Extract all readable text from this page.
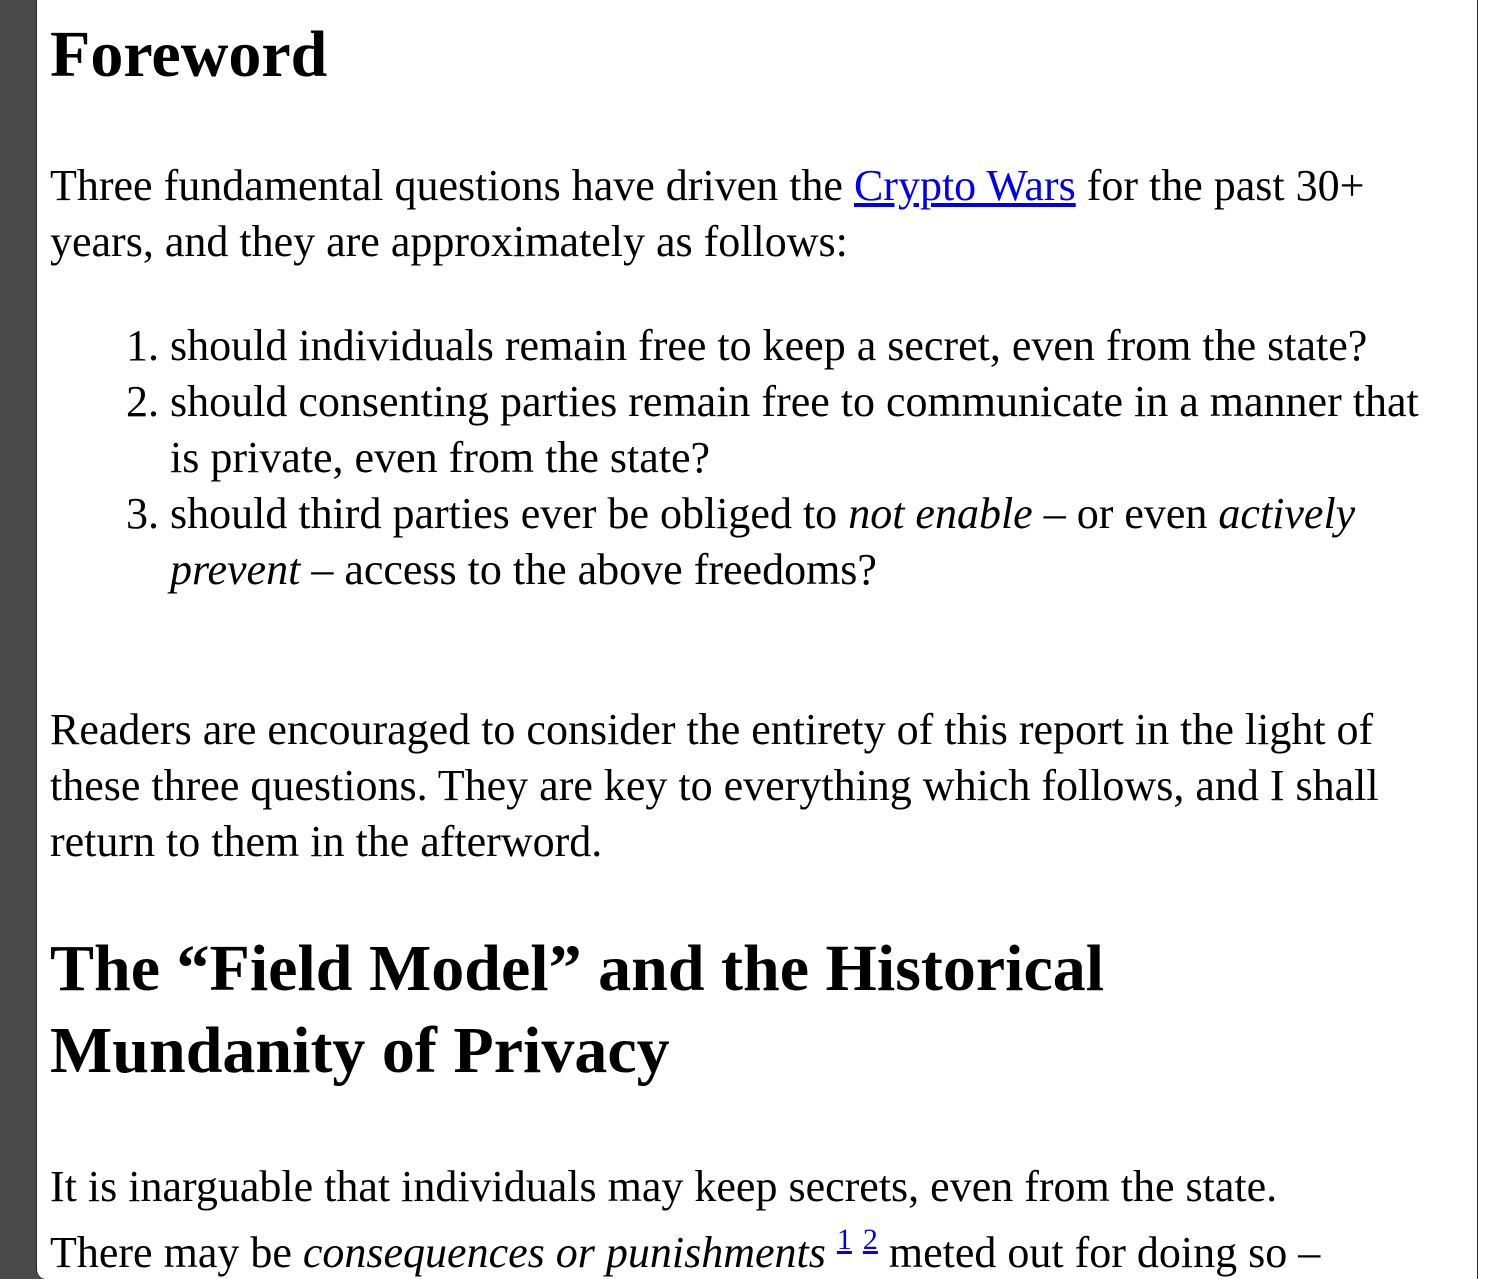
Foreword

Three fundamental questions have driven the Crypto Wars for the past 30+ years, and they are approximately as follows:

1. should individuals remain free to keep a secret, even from the state?
2. should consenting parties remain free to communicate in a manner that is private, even from the state?
3. should third parties ever be obliged to not enable – or even actively prevent – access to the above freedoms?

Readers are encouraged to consider the entirety of this report in the light of these three questions. They are key to everything which follows, and I shall return to them in the afterword.

The “Field Model” and the Historical Mundanity of Privacy

It is inarguable that individuals may keep secrets, even from the state.
There may be consequences or punishments $^1$ $^2$ meted out for doing so –
